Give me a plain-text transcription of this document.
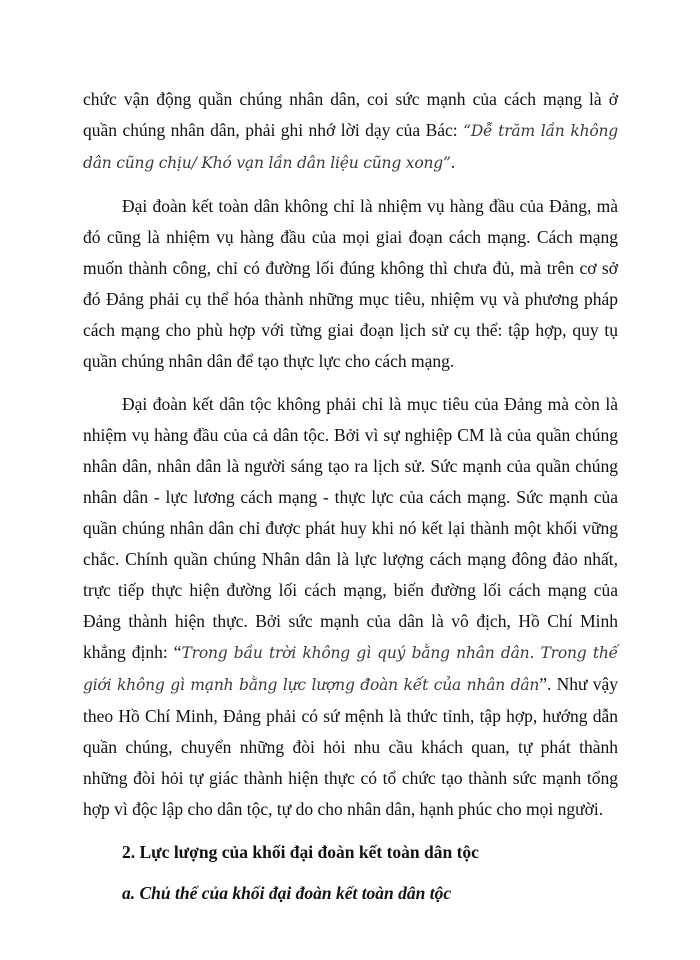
chức vận động quần chúng nhân dân, coi sức mạnh của cách mạng là ở quần chúng nhân dân, phải ghi nhớ lời dạy của Bác: “Dễ trăm lần không dân cũng chịu/ Khó vạn lần dân liệu cũng xong”.

Đại đoàn kết toàn dân không chỉ là nhiệm vụ hàng đầu của Đảng, mà đó cũng là nhiệm vụ hàng đầu của mọi giai đoạn cách mạng. Cách mạng muốn thành công, chỉ có đường lối đúng không thì chưa đủ, mà trên cơ sở đó Đảng phải cụ thể hóa thành những mục tiêu, nhiệm vụ và phương pháp cách mạng cho phù hợp với từng giai đoạn lịch sử cụ thể: tập hợp, quy tụ quần chúng nhân dân để tạo thực lực cho cách mạng.

Đại đoàn kết dân tộc không phải chỉ là mục tiêu của Đảng mà còn là nhiệm vụ hàng đầu của cả dân tộc. Bởi vì sự nghiệp CM là của quần chúng nhân dân, nhân dân là người sáng tạo ra lịch sử. Sức mạnh của quần chúng nhân dân - lực lương cách mạng - thực lực của cách mạng. Sức mạnh của quần chúng nhân dân chỉ được phát huy khi nó kết lại thành một khối vững chắc. Chính quần chúng Nhân dân là lực lượng cách mạng đông đảo nhất, trực tiếp thực hiện đường lối cách mạng, biến đường lối cách mạng của Đảng thành hiện thực. Bởi sức mạnh của dân là vô địch, Hồ Chí Minh khẳng định: “Trong bầu trời không gì quý bằng nhân dân. Trong thế giới không gì mạnh bằng lực lượng đoàn kết của nhân dân”. Như vậy theo Hồ Chí Minh, Đảng phải có sứ mệnh là thức tỉnh, tập hợp, hướng dẫn quần chúng, chuyển những đòi hỏi nhu cầu khách quan, tự phát thành những đòi hỏi tự giác thành hiện thực có tổ chức tạo thành sức mạnh tổng hợp vì độc lập cho dân tộc, tự do cho nhân dân, hạnh phúc cho mọi người.

2. Lực lượng của khối đại đoàn kết toàn dân tộc
a. Chủ thể của khối đại đoàn kết toàn dân tộc
